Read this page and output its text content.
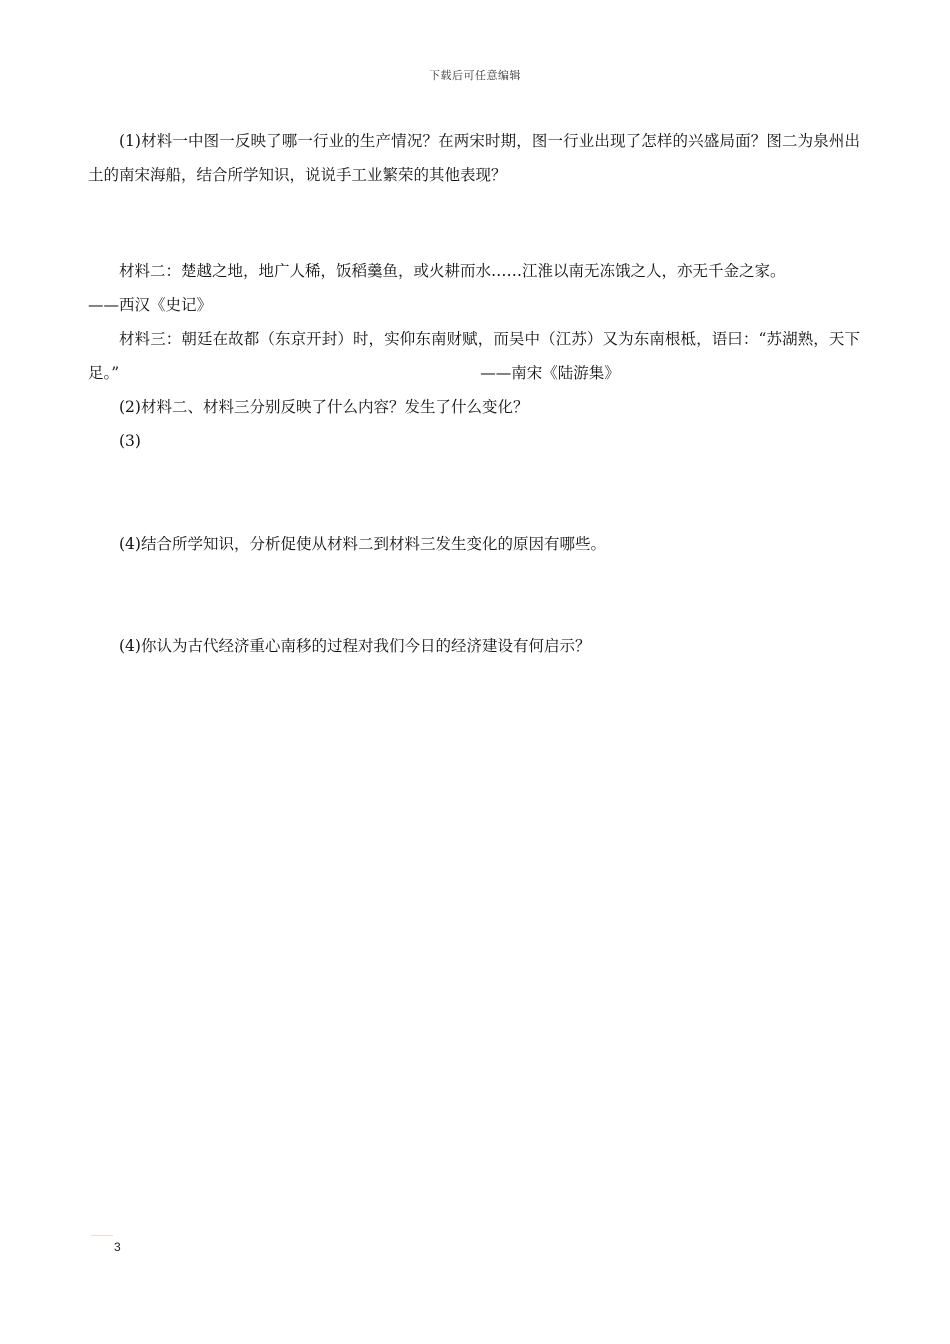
下载后可任意编辑

(1)材料一中图一反映了哪一行业的生产情况？在两宋时期，图一行业出现了怎样的兴盛局面？图二为泉州出土的南宋海船，结合所学知识，说说手工业繁荣的其他表现？

材料二：楚越之地，地广人稀，饭稻羹鱼，或火耕而水……江淮以南无冻饿之人，亦无千金之家。

——西汉《史记》

材料三：朝廷在故都（东京开封）时，实仰东南财赋，而吴中（江苏）又为东南根柢，语曰：“苏湖熟，天下足。”	——南宋《陆游集》

(2)材料二、材料三分别反映了什么内容？发生了什么变化？

(3)

(4)结合所学知识，分析促使从材料二到材料三发生变化的原因有哪些。

(4)你认为古代经济重心南移的过程对我们今日的经济建设有何启示？

3
